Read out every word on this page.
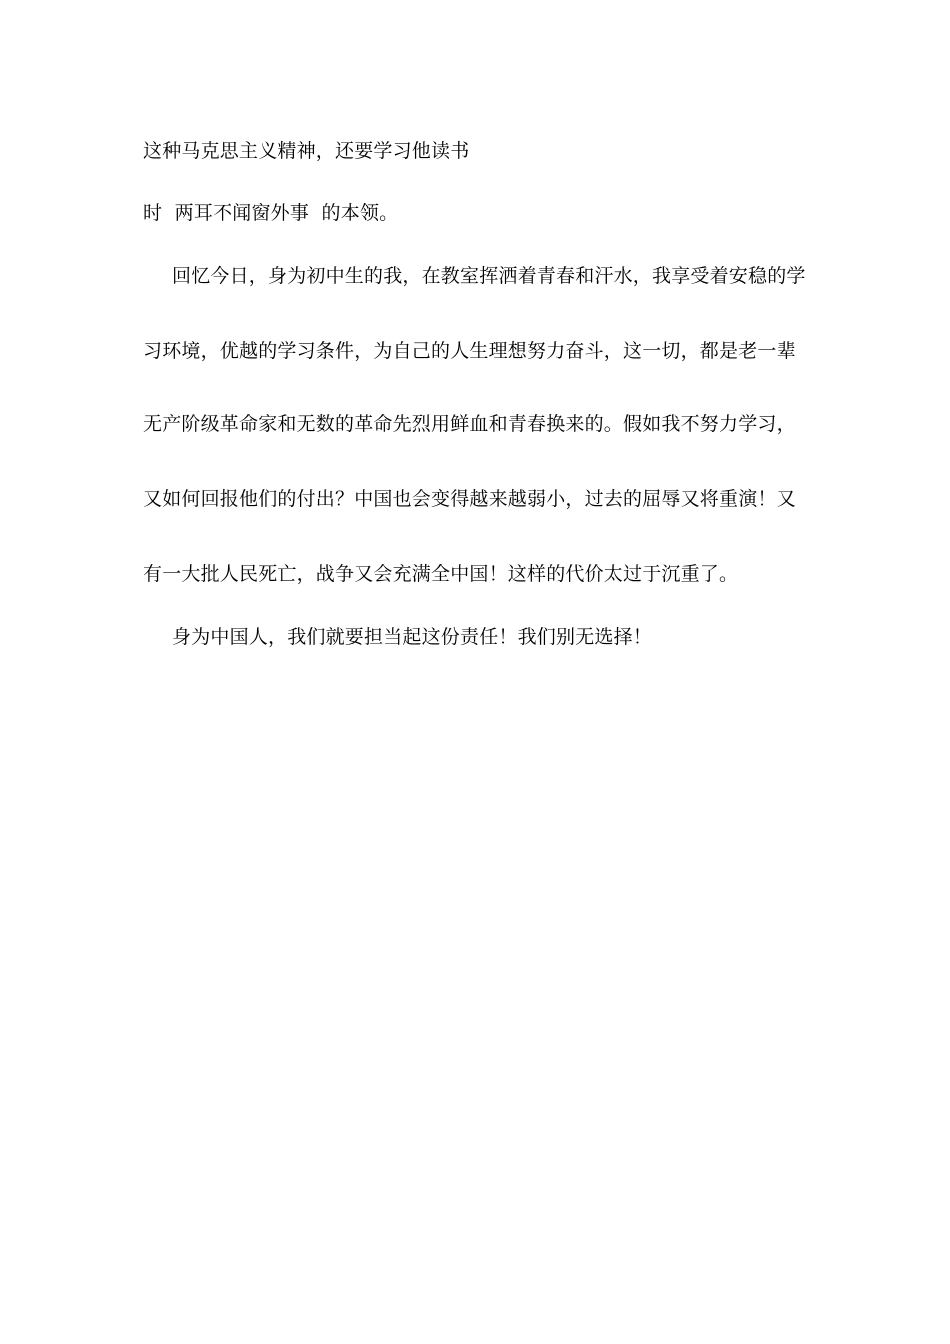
这种马克思主义精神，还要学习他读书
时  两耳不闻窗外事  的本领。
回忆今日，身为初中生的我，在教室挥洒着青春和汗水，我享受着安稳的学
习环境，优越的学习条件，为自己的人生理想努力奋斗，这一切，都是老一辈
无产阶级革命家和无数的革命先烈用鲜血和青春换来的。假如我不努力学习，
又如何回报他们的付出？中国也会变得越来越弱小，过去的屈辱又将重演！又
有一大批人民死亡，战争又会充满全中国！这样的代价太过于沉重了。
身为中国人，我们就要担当起这份责任！我们别无选择！
